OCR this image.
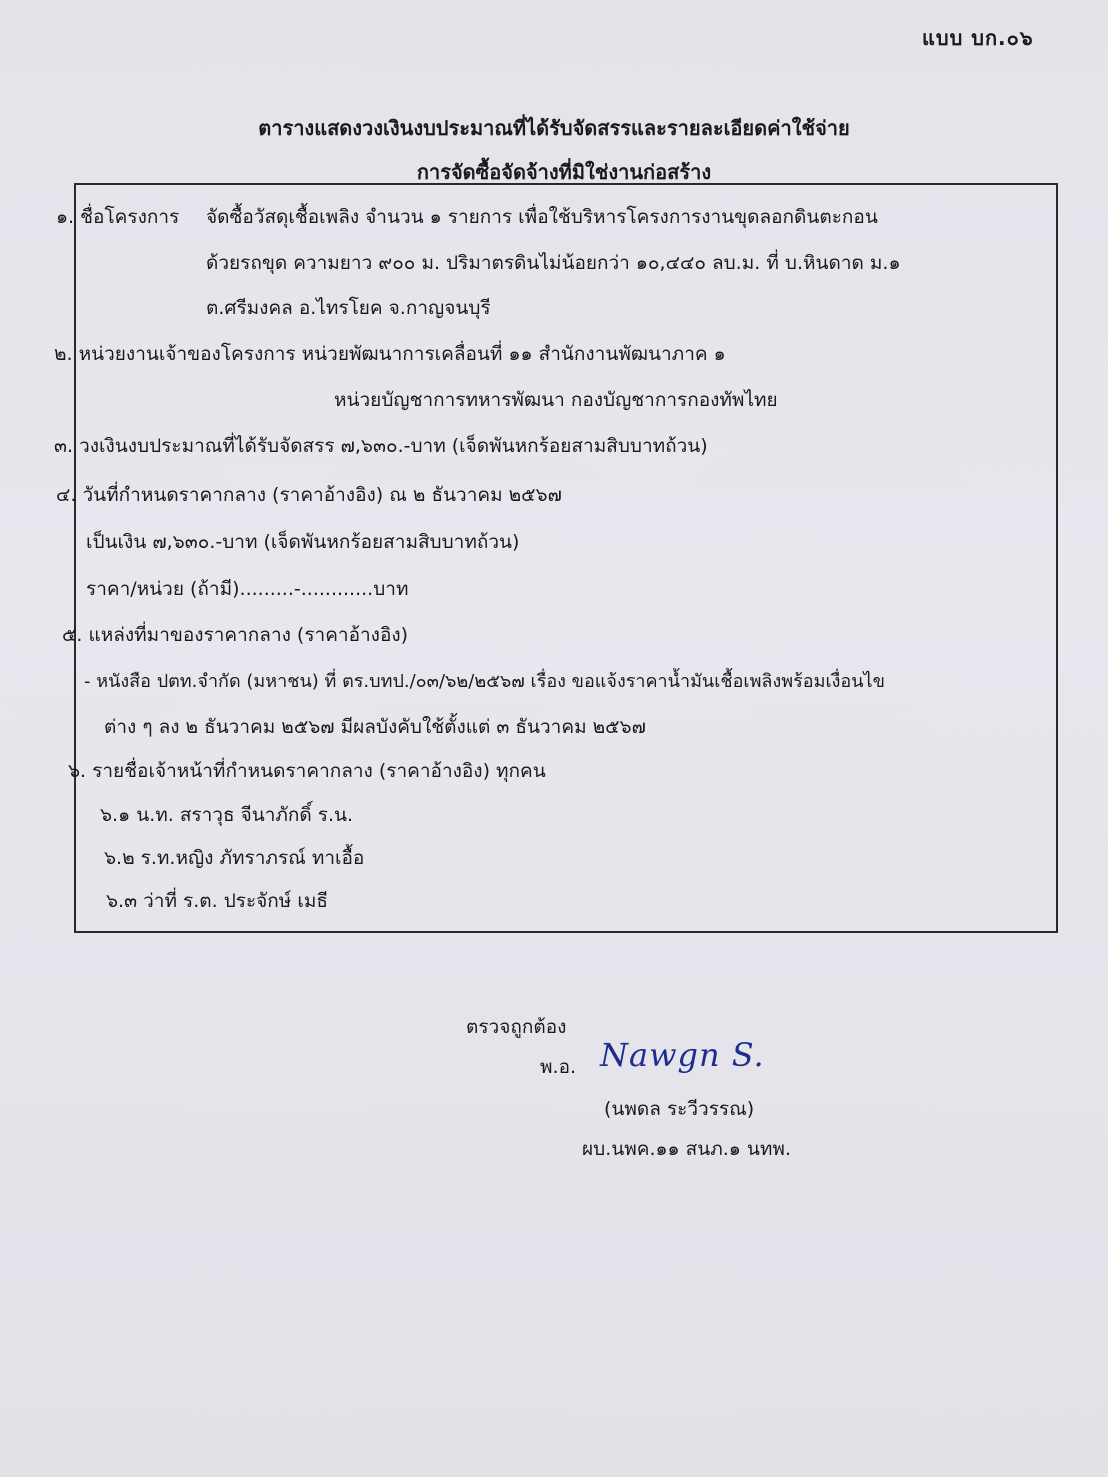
แบบ บก.๐๖
ตารางแสดงวงเงินงบประมาณที่ได้รับจัดสรรและรายละเอียดค่าใช้จ่าย
การจัดซื้อจัดจ้างที่มิใช่งานก่อสร้าง
๑. ชื่อโครงการ จัดซื้อวัสดุเชื้อเพลิง จำนวน ๑ รายการ เพื่อใช้บริหารโครงการงานขุดลอกดินตะกอน
ด้วยรถขุด ความยาว ๙๐๐ ม. ปริมาตรดินไม่น้อยกว่า ๑๐,๔๔๐ ลบ.ม. ที่ บ.หินดาด ม.๑
ต.ศรีมงคล อ.ไทรโยค จ.กาญจนบุรี
๒. หน่วยงานเจ้าของโครงการ หน่วยพัฒนาการเคลื่อนที่ ๑๑ สำนักงานพัฒนาภาค ๑
หน่วยบัญชาการทหารพัฒนา กองบัญชาการกองทัพไทย
๓. วงเงินงบประมาณที่ได้รับจัดสรร ๗,๖๓๐.-บาท (เจ็ดพันหกร้อยสามสิบบาทถ้วน)
๔. วันที่กำหนดราคากลาง (ราคาอ้างอิง) ณ ๒ ธันวาคม ๒๕๖๗
เป็นเงิน ๗,๖๓๐.-บาท (เจ็ดพันหกร้อยสามสิบบาทถ้วน)
ราคา/หน่วย (ถ้ามี).........-............บาท
๕. แหล่งที่มาของราคากลาง (ราคาอ้างอิง)
- หนังสือ ปตท.จำกัด (มหาชน) ที่ ตร.บทป./๐๓/๖๒/๒๕๖๗ เรื่อง ขอแจ้งราคาน้ำมันเชื้อเพลิงพร้อมเงื่อนไข
ต่าง ๆ ลง ๒ ธันวาคม ๒๕๖๗ มีผลบังคับใช้ตั้งแต่ ๓ ธันวาคม ๒๕๖๗
๖. รายชื่อเจ้าหน้าที่กำหนดราคากลาง (ราคาอ้างอิง) ทุกคน
๖.๑ น.ท. สราวุธ จีนาภักดิ์ ร.น.
๖.๒ ร.ท.หญิง ภัทราภรณ์ ทาเอื้อ
๖.๓ ว่าที่ ร.ต. ประจักษ์ เมธี
ตรวจถูกต้อง
พ.อ. Nawgn S.
(นพดล ระวีวรรณ)
ผบ.นพค.๑๑ สนภ.๑ นทพ.
